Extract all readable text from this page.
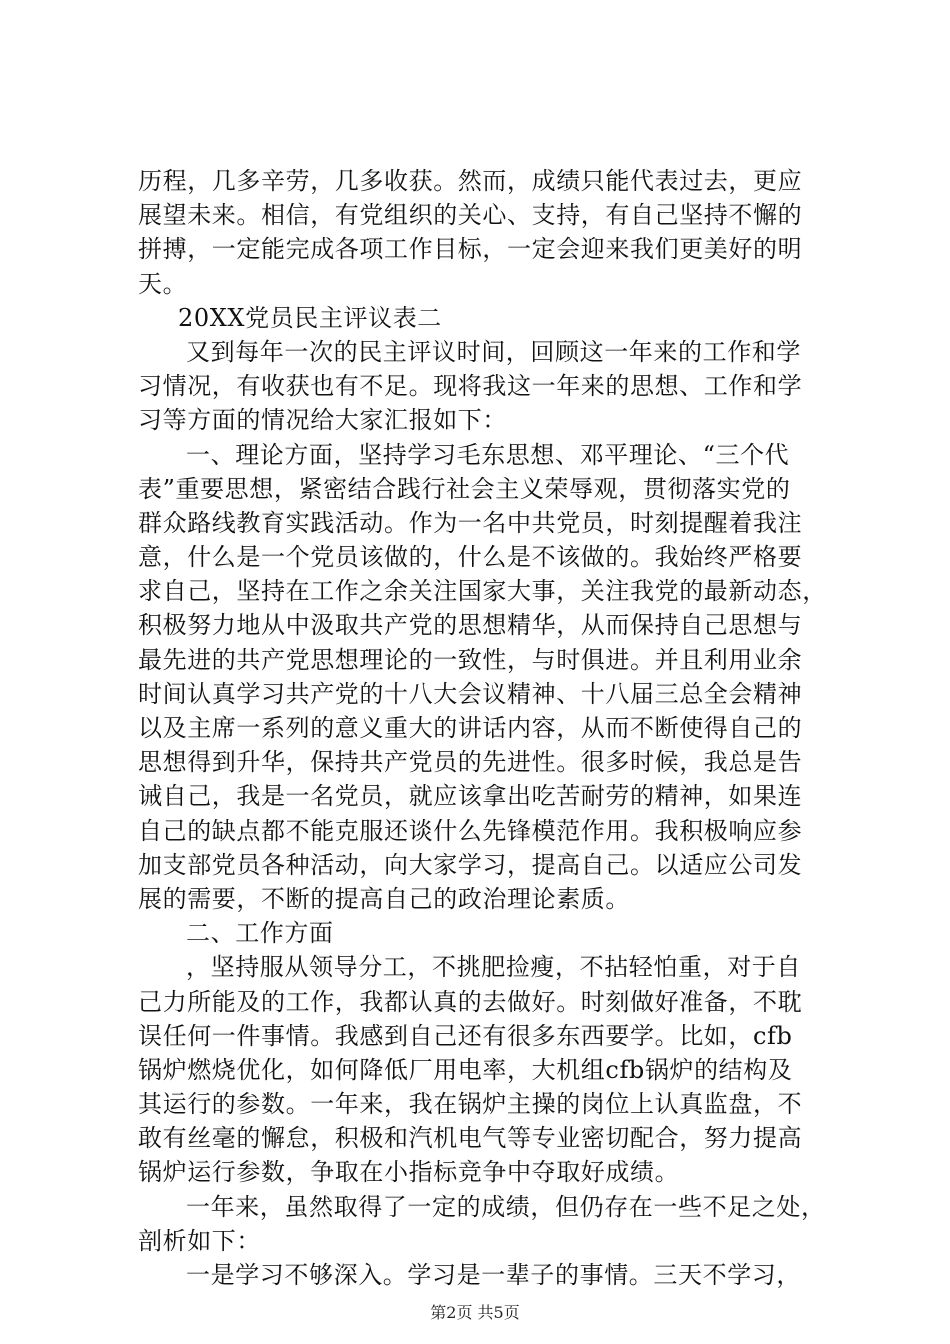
历程，几多辛劳，几多收获。然而，成绩只能代表过去，更应
展望未来。相信，有党组织的关心、支持，有自己坚持不懈的
拼搏，一定能完成各项工作目标，一定会迎来我们更美好的明
天。
20XX党员民主评议表二
又到每年一次的民主评议时间，回顾这一年来的工作和学
习情况，有收获也有不足。现将我这一年来的思想、工作和学
习等方面的情况给大家汇报如下：
一、理论方面，坚持学习毛东思想、邓平理论、“三个代
表”重要思想，紧密结合践行社会主义荣辱观，贯彻落实党的
群众路线教育实践活动。作为一名中共党员，时刻提醒着我注
意，什么是一个党员该做的，什么是不该做的。我始终严格要
求自己，坚持在工作之余关注国家大事，关注我党的最新动态，
积极努力地从中汲取共产党的思想精华，从而保持自己思想与
最先进的共产党思想理论的一致性，与时俱进。并且利用业余
时间认真学习共产党的十八大会议精神、十八届三总全会精神
以及主席一系列的意义重大的讲话内容，从而不断使得自己的
思想得到升华，保持共产党员的先进性。很多时候，我总是告
诫自己，我是一名党员，就应该拿出吃苦耐劳的精神，如果连
自己的缺点都不能克服还谈什么先锋模范作用。我积极响应参
加支部党员各种活动，向大家学习，提高自己。以适应公司发
展的需要，不断的提高自己的政治理论素质。
二、工作方面
，坚持服从领导分工，不挑肥捡瘦，不拈轻怕重，对于自
己力所能及的工作，我都认真的去做好。时刻做好准备，不耽
误任何一件事情。我感到自己还有很多东西要学。比如，cfb
锅炉燃烧优化，如何降低厂用电率，大机组cfb锅炉的结构及
其运行的参数。一年来，我在锅炉主操的岗位上认真监盘，不
敢有丝毫的懈怠，积极和汽机电气等专业密切配合，努力提高
锅炉运行参数，争取在小指标竞争中夺取好成绩。
一年来，虽然取得了一定的成绩，但仍存在一些不足之处，
剖析如下：
一是学习不够深入。学习是一辈子的事情。三天不学习，
第2页 共5页
